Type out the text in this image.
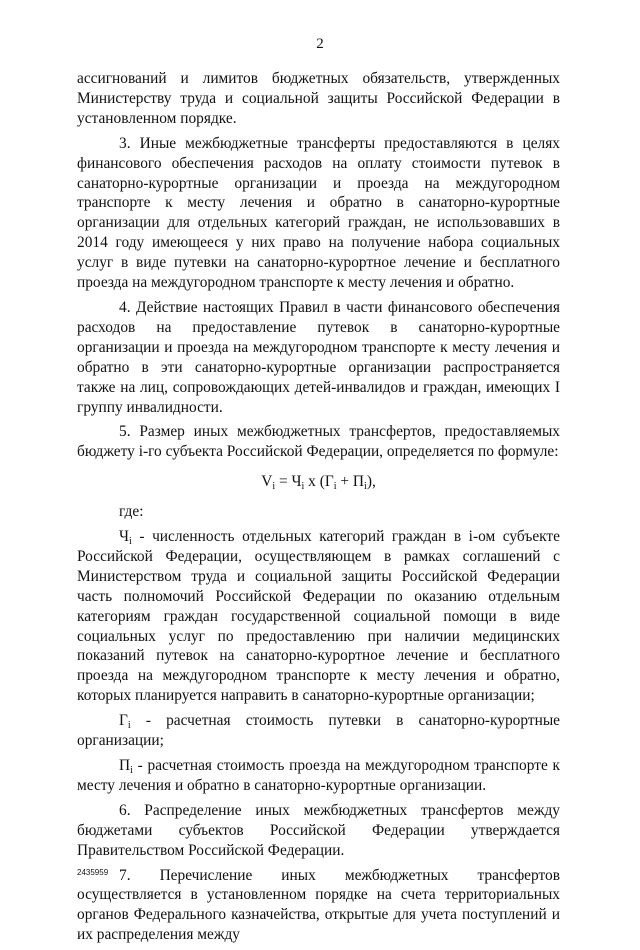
2

ассигнований и лимитов бюджетных обязательств, утвержденных Министерству труда и социальной защиты Российской Федерации в установленном порядке.

3. Иные межбюджетные трансферты предоставляются в целях финансового обеспечения расходов на оплату стоимости путевок в санаторно-курортные организации и проезда на междугородном транспорте к месту лечения и обратно в санаторно-курортные организации для отдельных категорий граждан, не использовавших в 2014 году имеющееся у них право на получение набора социальных услуг в виде путевки на санаторно-курортное лечение и бесплатного проезда на междугородном транспорте к месту лечения и обратно.

4. Действие настоящих Правил в части финансового обеспечения расходов на предоставление путевок в санаторно-курортные организации и проезда на междугородном транспорте к месту лечения и обратно в эти санаторно-курортные организации распространяется также на лиц, сопровождающих детей-инвалидов и граждан, имеющих I группу инвалидности.

5. Размер иных межбюджетных трансфертов, предоставляемых бюджету i-го субъекта Российской Федерации, определяется по формуле:

$V_i = Ч_i$ x $(Г_i + П_i)$,

где:

$Ч_i$ - численность отдельных категорий граждан в i-ом субъекте Российской Федерации, осуществляющем в рамках соглашений с Министерством труда и социальной защиты Российской Федерации часть полномочий Российской Федерации по оказанию отдельным категориям граждан государственной социальной помощи в виде социальных услуг по предоставлению при наличии медицинских показаний путевок на санаторно-курортное лечение и бесплатного проезда на междугородном транспорте к месту лечения и обратно, которых планируется направить в санаторно-курортные организации;

$Г_i$ - расчетная стоимость путевки в санаторно-курортные организации;

$П_i$ - расчетная стоимость проезда на междугородном транспорте к месту лечения и обратно в санаторно-курортные организации.

6. Распределение иных межбюджетных трансфертов между бюджетами субъектов Российской Федерации утверждается Правительством Российской Федерации.

7. Перечисление иных межбюджетных трансфертов осуществляется в установленном порядке на счета территориальных органов Федерального казначейства, открытые для учета поступлений и их распределения между

2435959
